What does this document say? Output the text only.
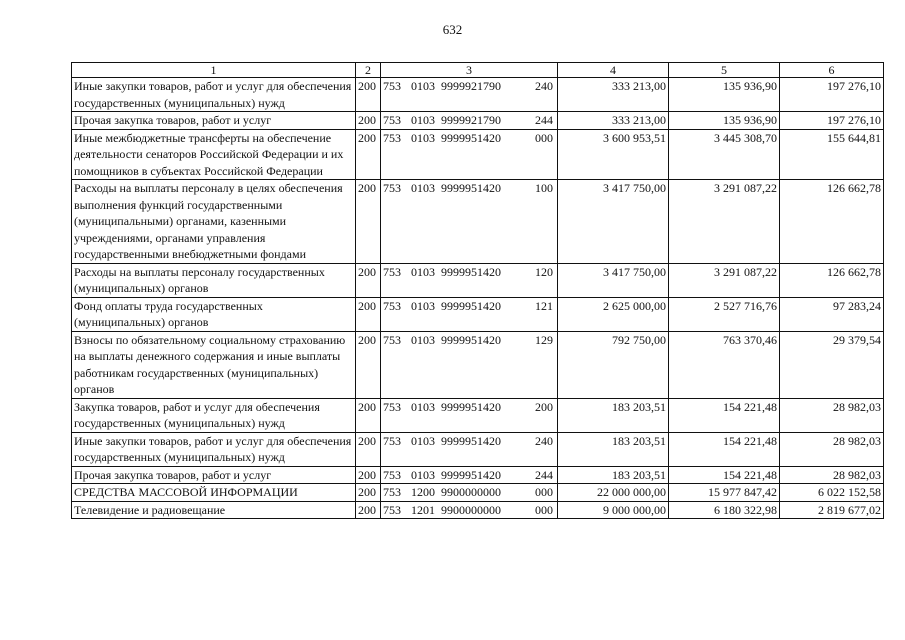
632
1	2	3	4	5	6
Иные закупки товаров, работ и услуг для обеспечения государственных (муниципальных) нужд	200	753 0103 9999921790 240	333 213,00	135 936,90	197 276,10
Прочая закупка товаров, работ и услуг	200	753 0103 9999921790 244	333 213,00	135 936,90	197 276,10
Иные межбюджетные трансферты на обеспечение деятельности сенаторов Российской Федерации и их помощников в субъектах Российской Федерации	200	753 0103 9999951420 000	3 600 953,51	3 445 308,70	155 644,81
Расходы на выплаты персоналу в целях обеспечения выполнения функций государственными (муниципальными) органами, казенными учреждениями, органами управления государственными внебюджетными фондами	200	753 0103 9999951420 100	3 417 750,00	3 291 087,22	126 662,78
Расходы на выплаты персоналу государственных (муниципальных) органов	200	753 0103 9999951420 120	3 417 750,00	3 291 087,22	126 662,78
Фонд оплаты труда государственных (муниципальных) органов	200	753 0103 9999951420 121	2 625 000,00	2 527 716,76	97 283,24
Взносы по обязательному социальному страхованию на выплаты денежного содержания и иные выплаты работникам государственных (муниципальных) органов	200	753 0103 9999951420 129	792 750,00	763 370,46	29 379,54
Закупка товаров, работ и услуг для обеспечения государственных (муниципальных) нужд	200	753 0103 9999951420 200	183 203,51	154 221,48	28 982,03
Иные закупки товаров, работ и услуг для обеспечения государственных (муниципальных) нужд	200	753 0103 9999951420 240	183 203,51	154 221,48	28 982,03
Прочая закупка товаров, работ и услуг	200	753 0103 9999951420 244	183 203,51	154 221,48	28 982,03
СРЕДСТВА МАССОВОЙ ИНФОРМАЦИИ	200	753 1200 9900000000 000	22 000 000,00	15 977 847,42	6 022 152,58
Телевидение и радиовещание	200	753 1201 9900000000 000	9 000 000,00	6 180 322,98	2 819 677,02
